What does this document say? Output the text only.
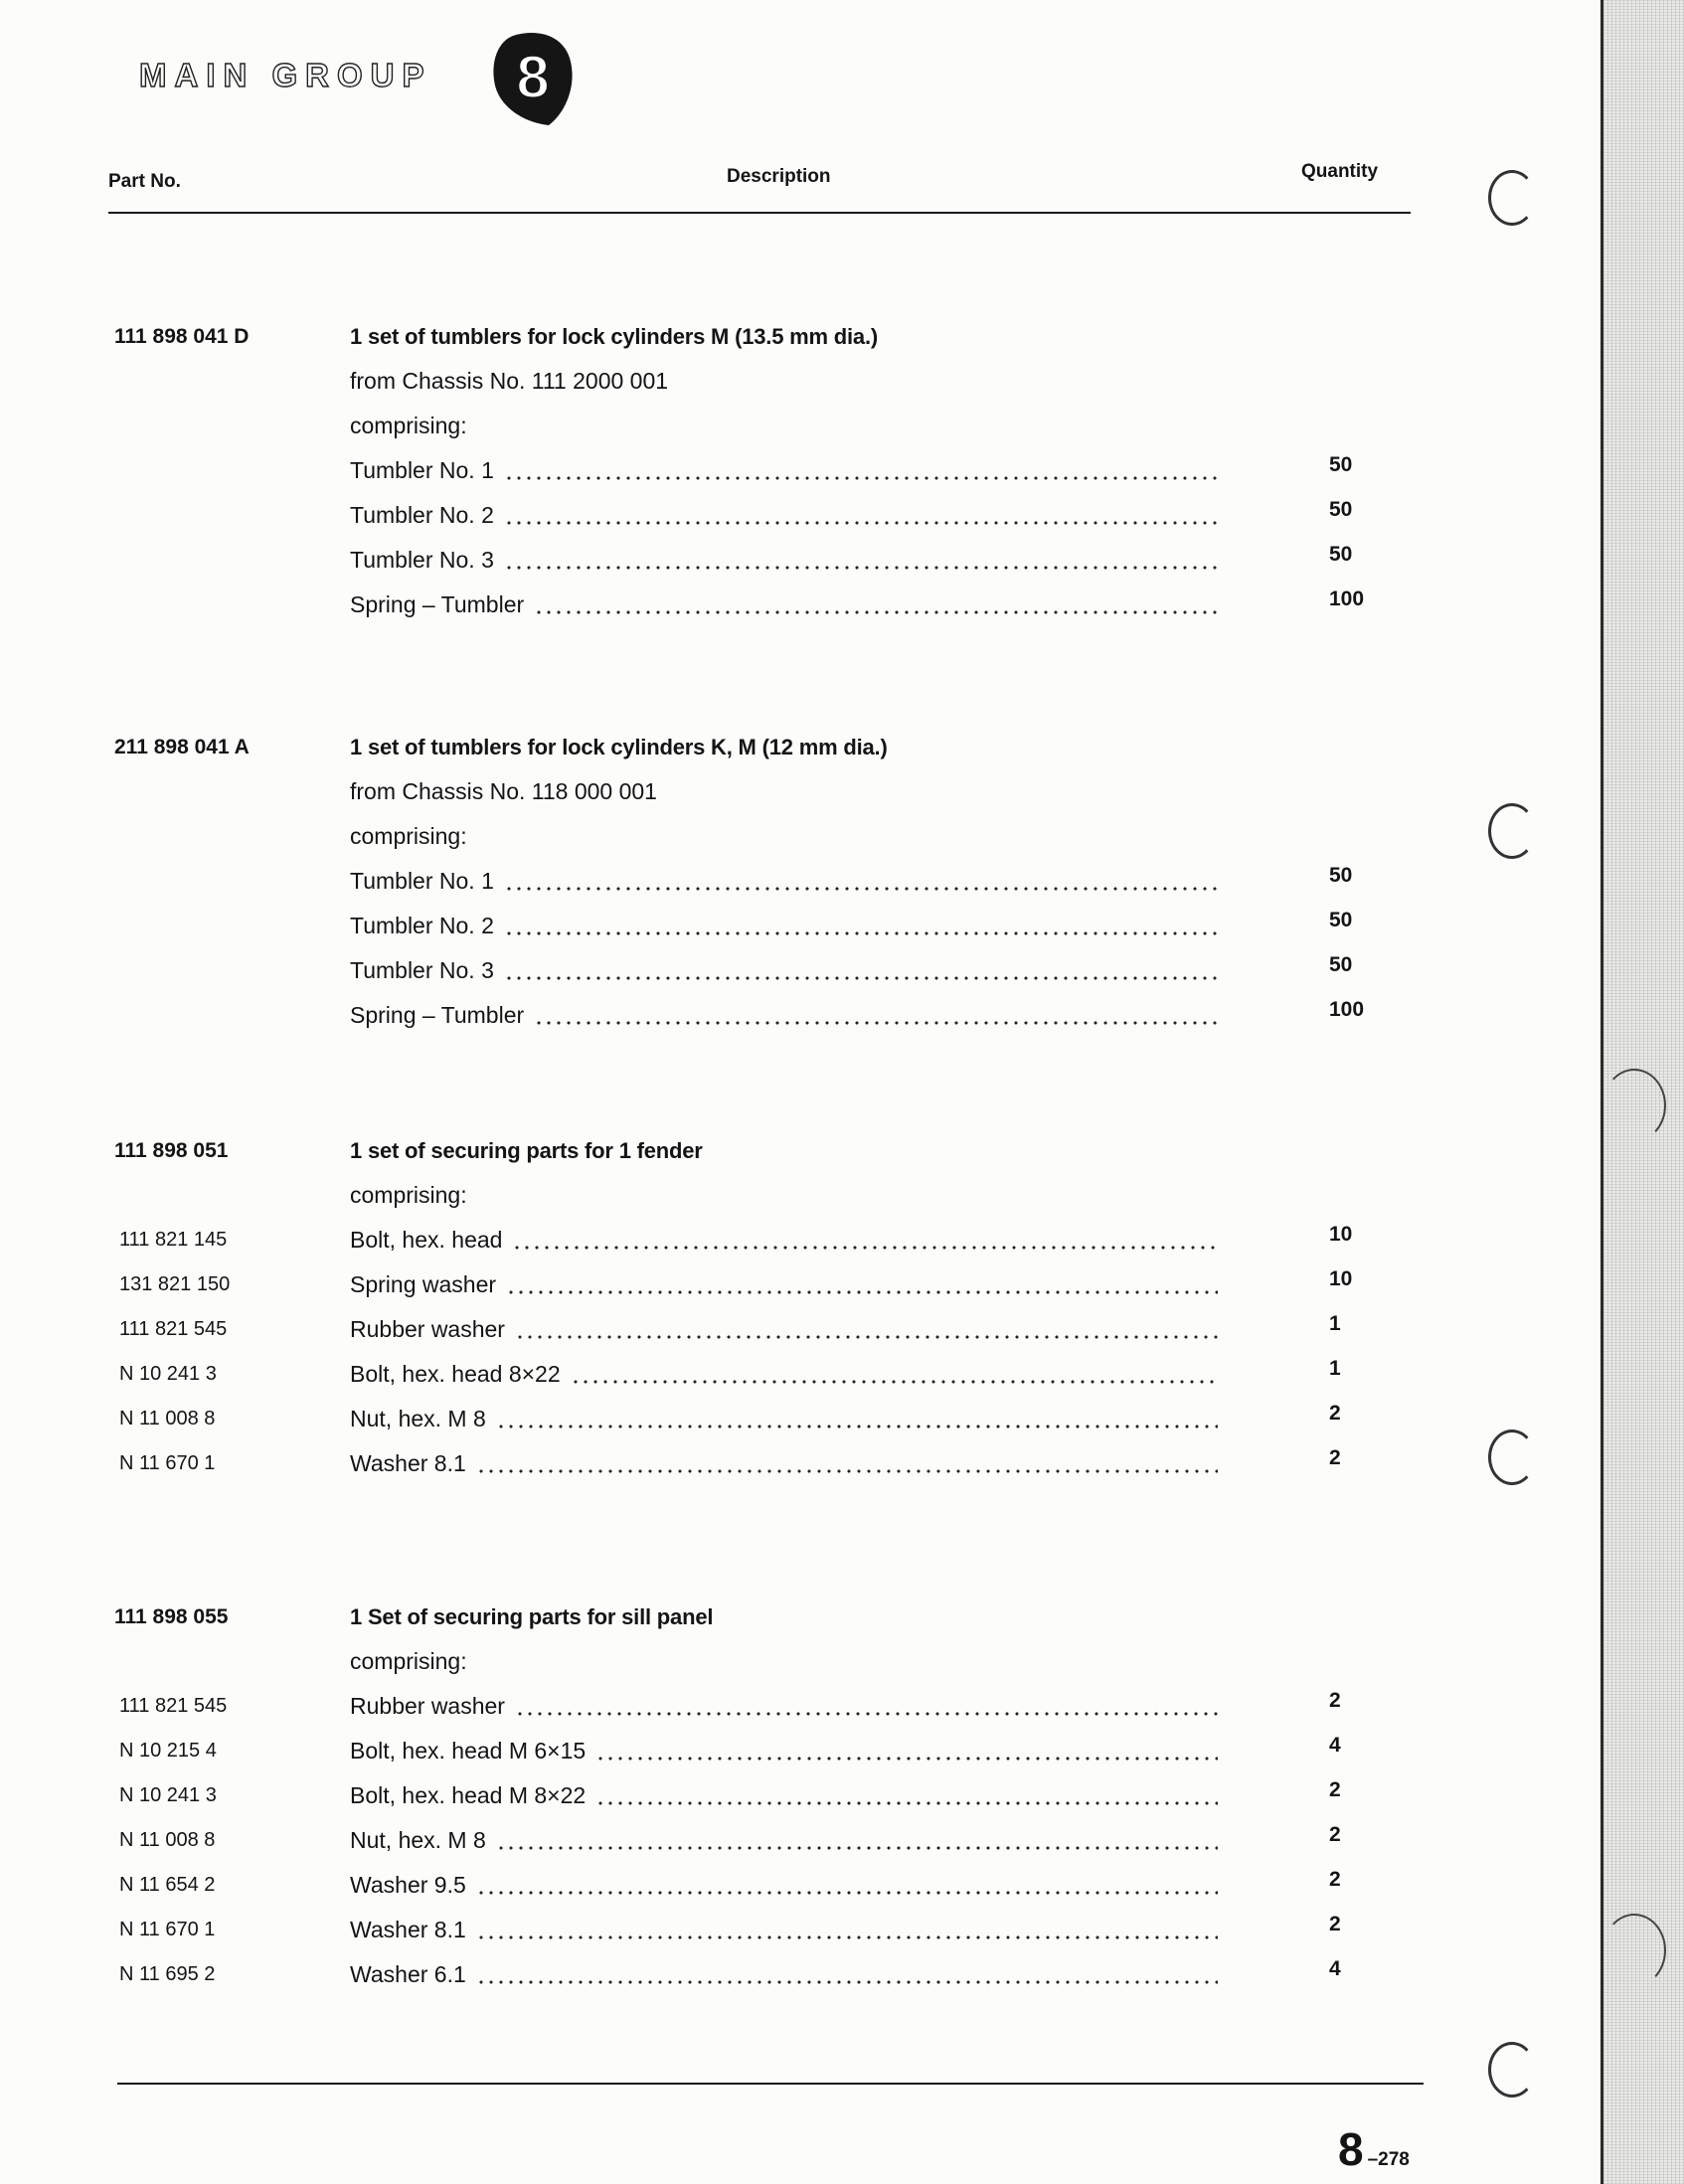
MAIN GROUP 8
Part No.	Description	Quantity
111 898 041 D	1 set of tumblers for lock cylinders M (13.5 mm dia.)
from Chassis No. 111 2000 001
comprising:
Tumbler No. 1	50
Tumbler No. 2	50
Tumbler No. 3	50
Spring – Tumbler	100
211 898 041 A	1 set of tumblers for lock cylinders K, M (12 mm dia.)
from Chassis No. 118 000 001
comprising:
Tumbler No. 1	50
Tumbler No. 2	50
Tumbler No. 3	50
Spring – Tumbler	100
111 898 051	1 set of securing parts for 1 fender
comprising:
111 821 145	Bolt, hex. head	10
131 821 150	Spring washer	10
111 821 545	Rubber washer	1
N 10 241 3	Bolt, hex. head 8×22	1
N 11 008 8	Nut, hex. M 8	2
N 11 670 1	Washer 8.1	2
111 898 055	1 Set of securing parts for sill panel
comprising:
111 821 545	Rubber washer	2
N 10 215 4	Bolt, hex. head M 6×15	4
N 10 241 3	Bolt, hex. head M 8×22	2
N 11 008 8	Nut, hex. M 8	2
N 11 654 2	Washer 9.5	2
N 11 670 1	Washer 8.1	2
N 11 695 2	Washer 6.1	4
8 –278
